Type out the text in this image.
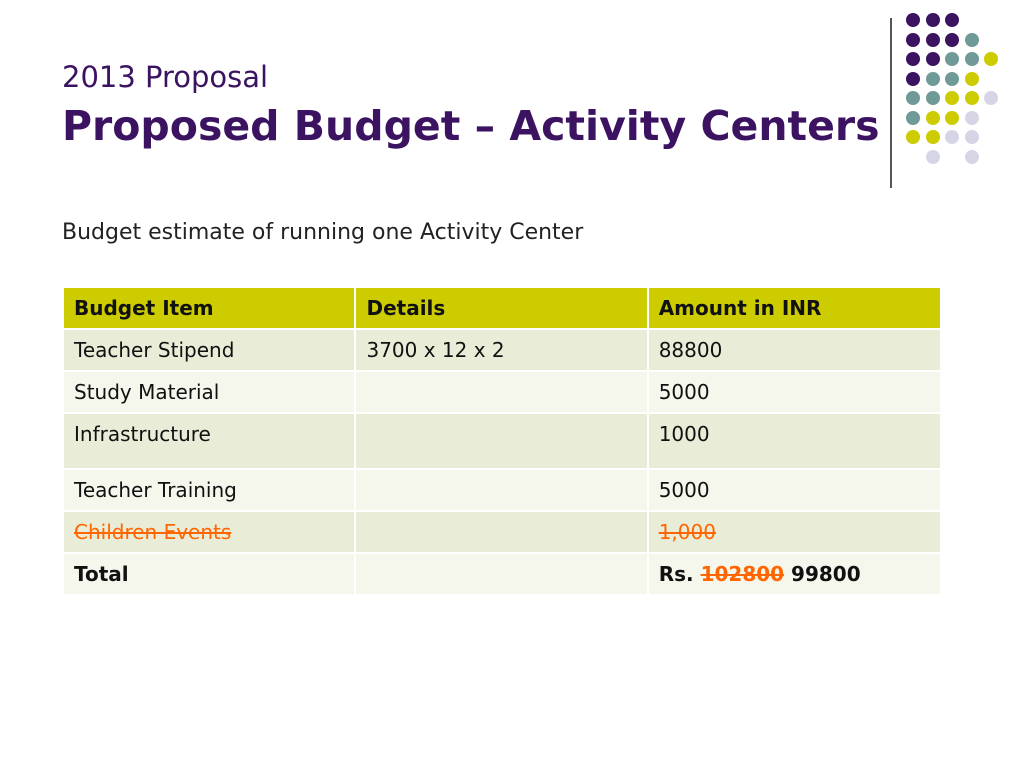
2013 Proposal
Proposed Budget – Activity Centers

Budget estimate of running one Activity Center

Budget Item	Details	Amount in INR
Teacher Stipend	3700 x 12 x 2	88800
Study Material		5000
Infrastructure		1000
Teacher Training		5000
Children Events		1,000
Total		Rs. 102800 99800
